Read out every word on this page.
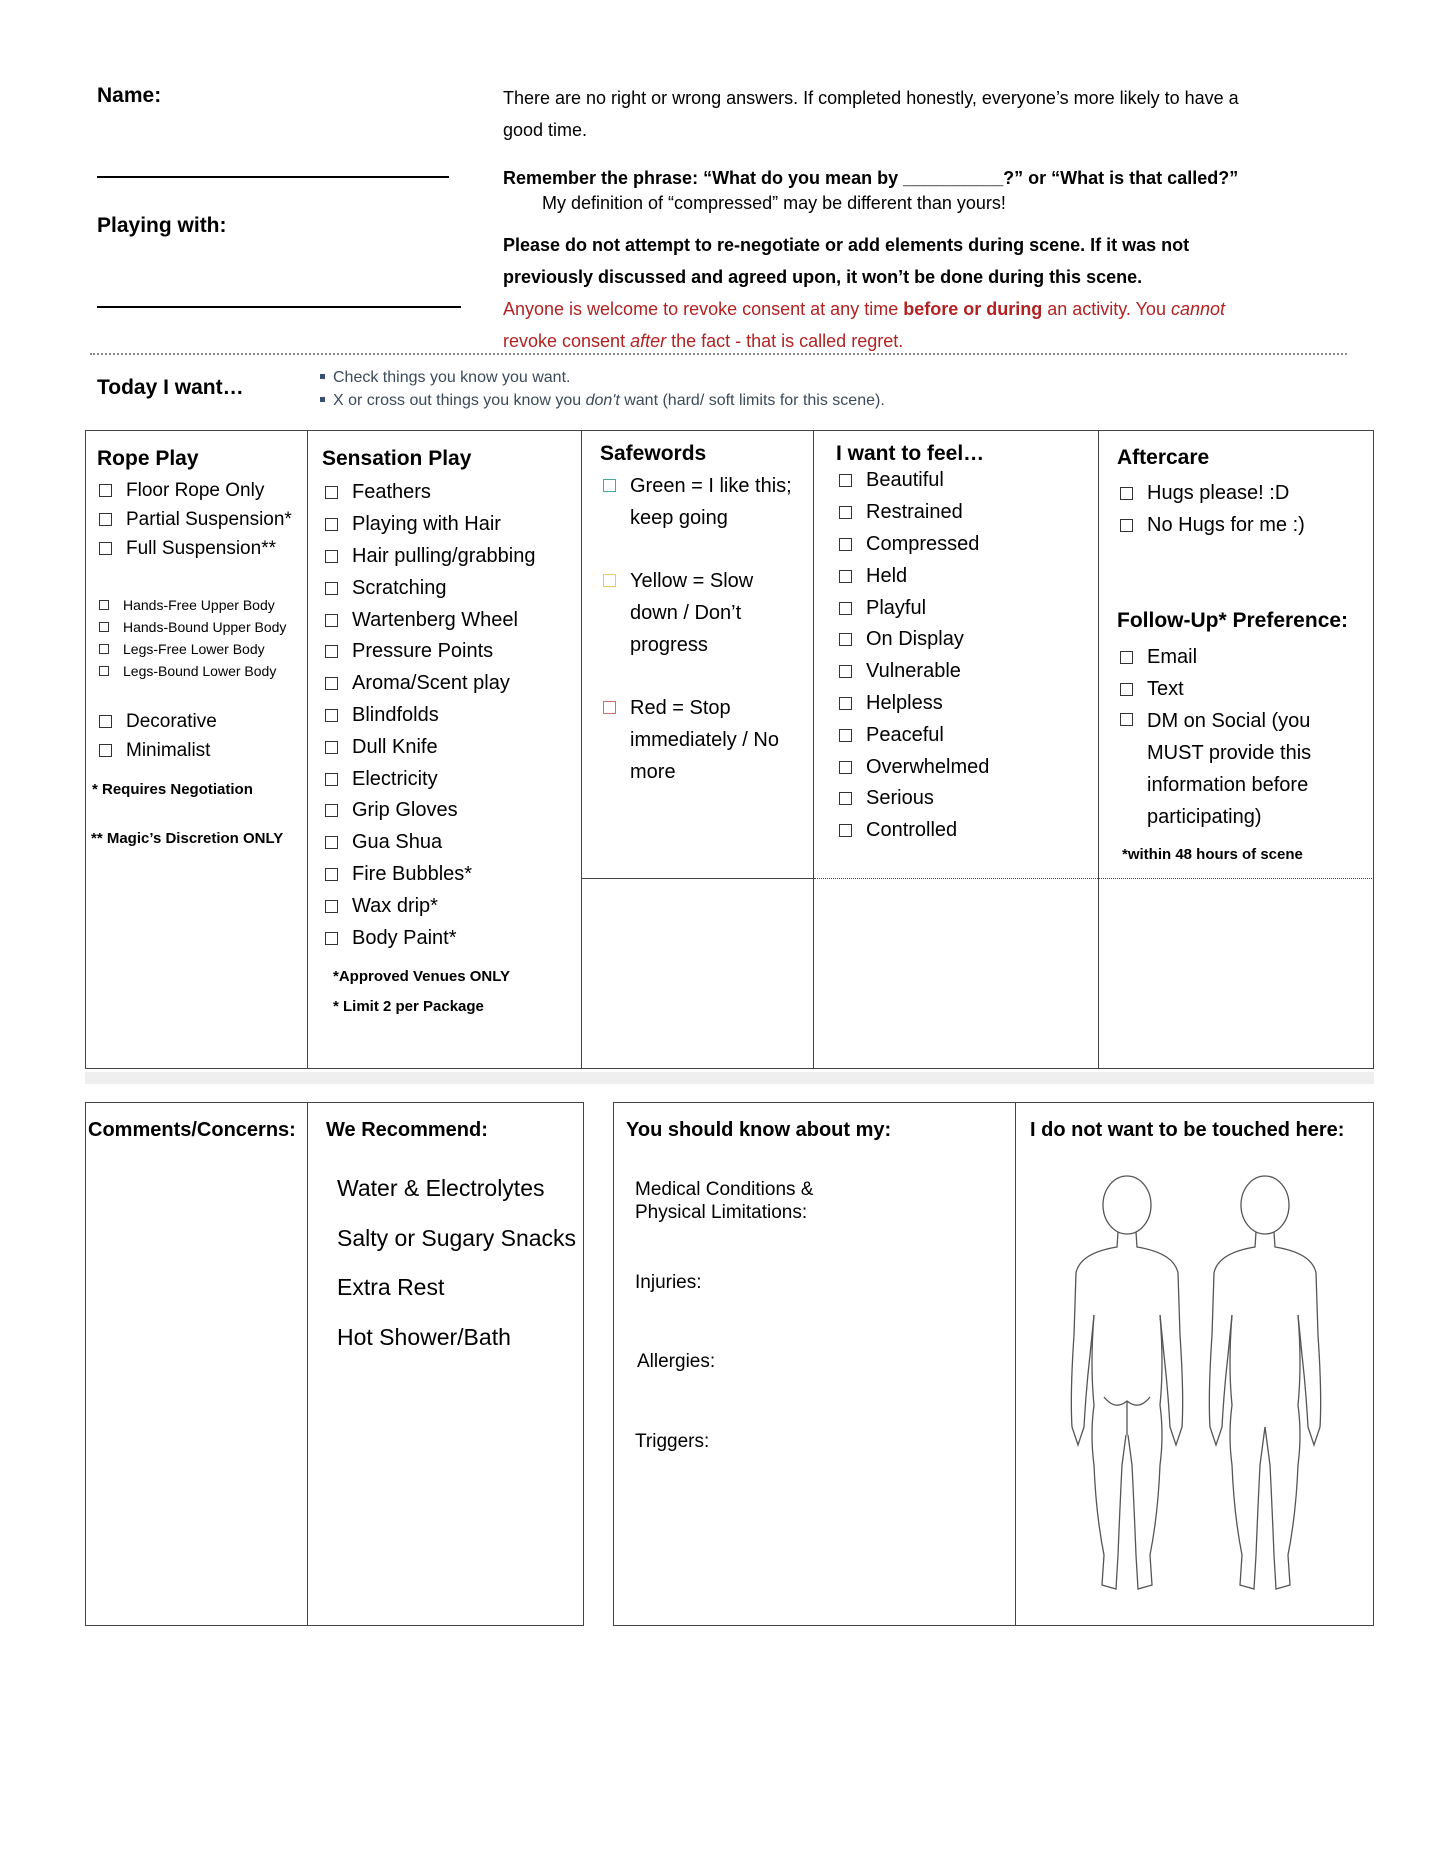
Name:
Playing with:

There are no right or wrong answers. If completed honestly, everyone’s more likely to have a

good time.

Remember the phrase: “What do you mean by __________?” or “What is that called?”
My definition of “compressed” may be different than yours!

Please do not attempt to re-negotiate or add elements during scene. If it was not

previously discussed and agreed upon, it won’t be done during this scene.

Anyone is welcome to revoke consent at any time before or during an activity. You cannot

revoke consent after the fact - that is called regret.

Today I want…	Check things you know you want.
X or cross out things you know you don't want (hard/ soft limits for this scene).
Rope Play
Floor Rope Only
Partial Suspension*
Full Suspension**
Hands-Free Upper Body
Hands-Bound Upper Body
Legs-Free Lower Body
Legs-Bound Lower Body
Decorative
Minimalist
* Requires Negotiation
** Magic’s Discretion ONLY
Sensation Play
Feathers
Playing with Hair
Hair pulling/grabbing
Scratching
Wartenberg Wheel
Pressure Points
Aroma/Scent play
Blindfolds
Dull Knife
Electricity
Grip Gloves
Gua Shua
Fire Bubbles*
Wax drip*
Body Paint*
*Approved Venues ONLY
* Limit 2 per Package
Safewords
Green = I like this;
keep going
Yellow = Slow
down / Don’t
progress
Red = Stop
immediately / No
more
I want to feel…
Beautiful
Restrained
Compressed
Held
Playful
On Display
Vulnerable
Helpless
Peaceful
Overwhelmed
Serious
Controlled
Aftercare
Hugs please! :D
No Hugs for me :)
Follow-Up* Preference:
Email
Text
DM on Social (you
MUST provide this
information before
participating)
*within 48 hours of scene
Comments/Concerns: We Recommend:
Water & Electrolytes
Salty or Sugary Snacks
Extra Rest
Hot Shower/Bath
You should know about my:
Medical Conditions &
Physical Limitations:
Injuries:
Allergies:
Triggers:
I do not want to be touched here:
